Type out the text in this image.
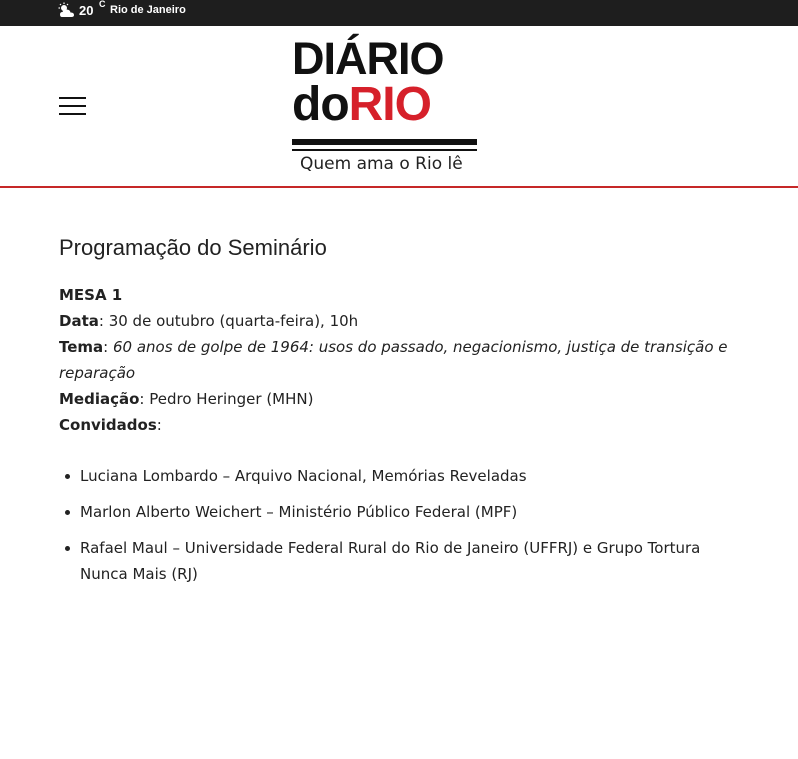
20 C Rio de Janeiro
DIÁRIO
doRIO
Quem ama o Rio lê
Programação do Seminário
MESA 1
Data: 30 de outubro (quarta-feira), 10h
Tema: 60 anos de golpe de 1964: usos do passado, negacionismo, justiça de transição e reparação
Mediação: Pedro Heringer (MHN)
Convidados:
Luciana Lombardo – Arquivo Nacional, Memórias Reveladas
Marlon Alberto Weichert – Ministério Público Federal (MPF)
Rafael Maul – Universidade Federal Rural do Rio de Janeiro (UFFRJ) e Grupo Tortura Nunca Mais (RJ)
